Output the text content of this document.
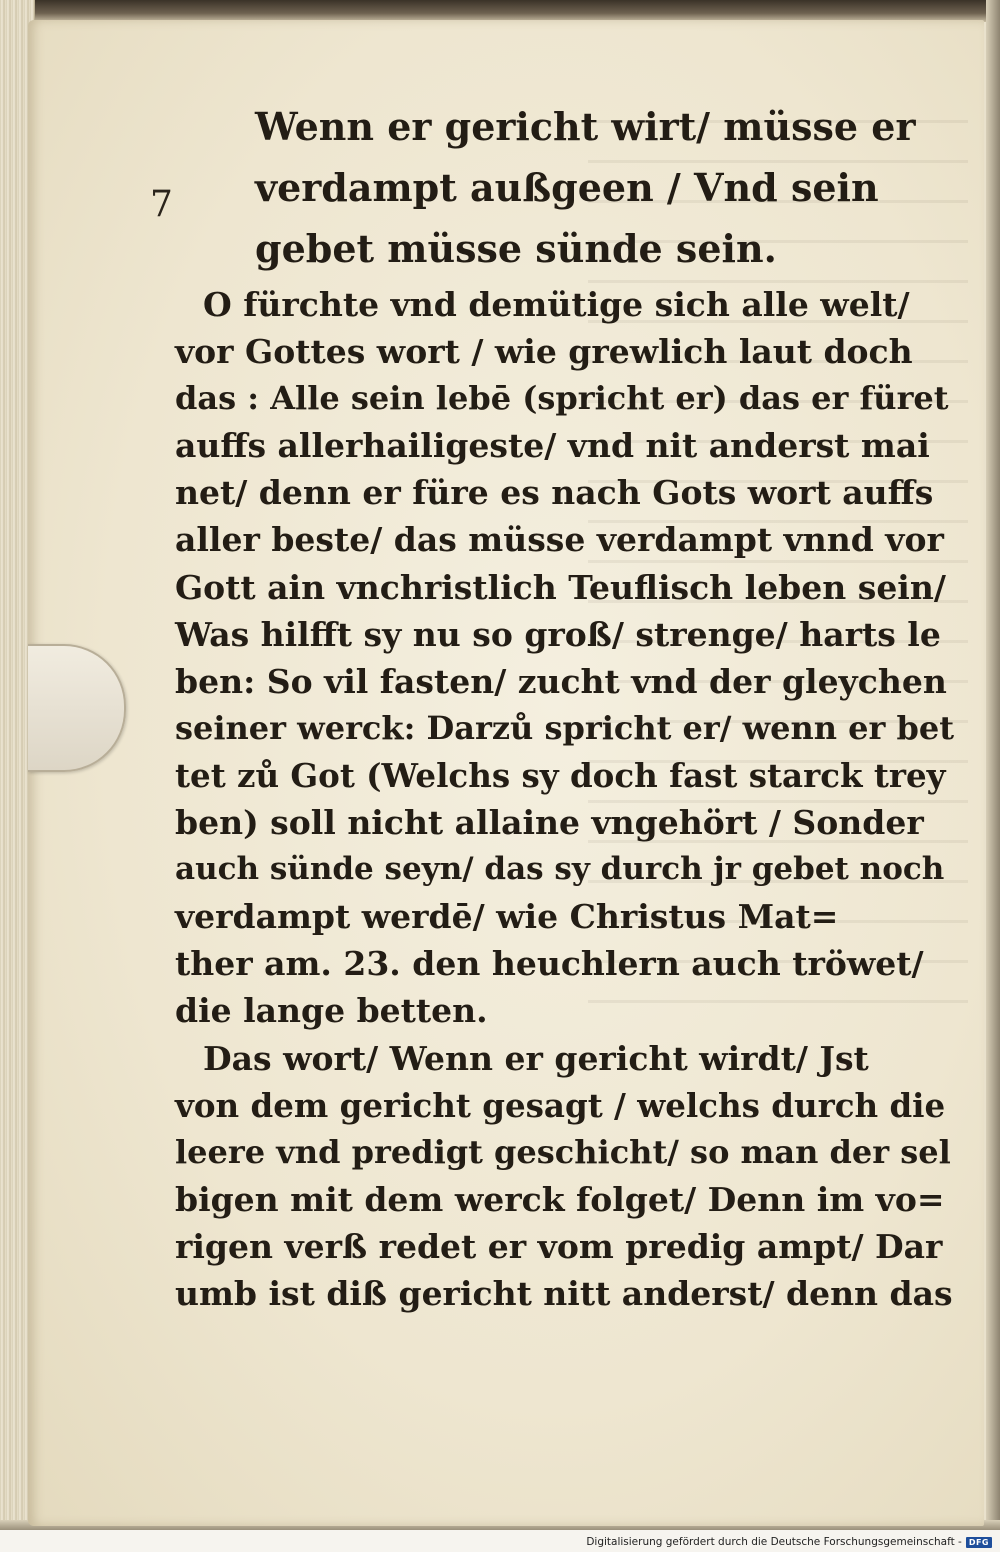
7
Wenn er gericht wirt/ müsse er
verdampt außgeen / Vnd sein
gebet müsse sünde sein.
O fürchte vnd demütige sich alle welt/
vor Gottes wort / wie grewlich laut doch
das : Alle sein lebē (spricht er) das er füret
auffs allerhailigeste/ vnd nit anderst mai
net/ denn er füre es nach Gots wort auffs
aller beste/ das müsse verdampt vnnd vor
Gott ain vnchristlich Teuflisch leben sein/
Was hilfft sy nu so groß/ strenge/ harts le
ben: So vil fasten/ zucht vnd der gleychen
seiner werck: Darzů spricht er/ wenn er bet
tet zů Got (Welchs sy doch fast starck trey
ben) soll nicht allaine vngehört / Sonder
auch sünde seyn/ das sy durch jr gebet noch
verdampt werdē/ wie Christus Mat=
ther am. 23. den heuchlern auch tröwet/
die lange betten.
Das wort/ Wenn er gericht wirdt/ Jst
von dem gericht gesagt / welchs durch die
leere vnd predigt geschicht/ so man der sel
bigen mit dem werck folget/ Denn im vo=
rigen verß redet er vom predig ampt/ Dar
umb ist diß gericht nitt anderst/ denn das
Digitalisierung gefördert durch die Deutsche Forschungsgemeinschaft - DFG
